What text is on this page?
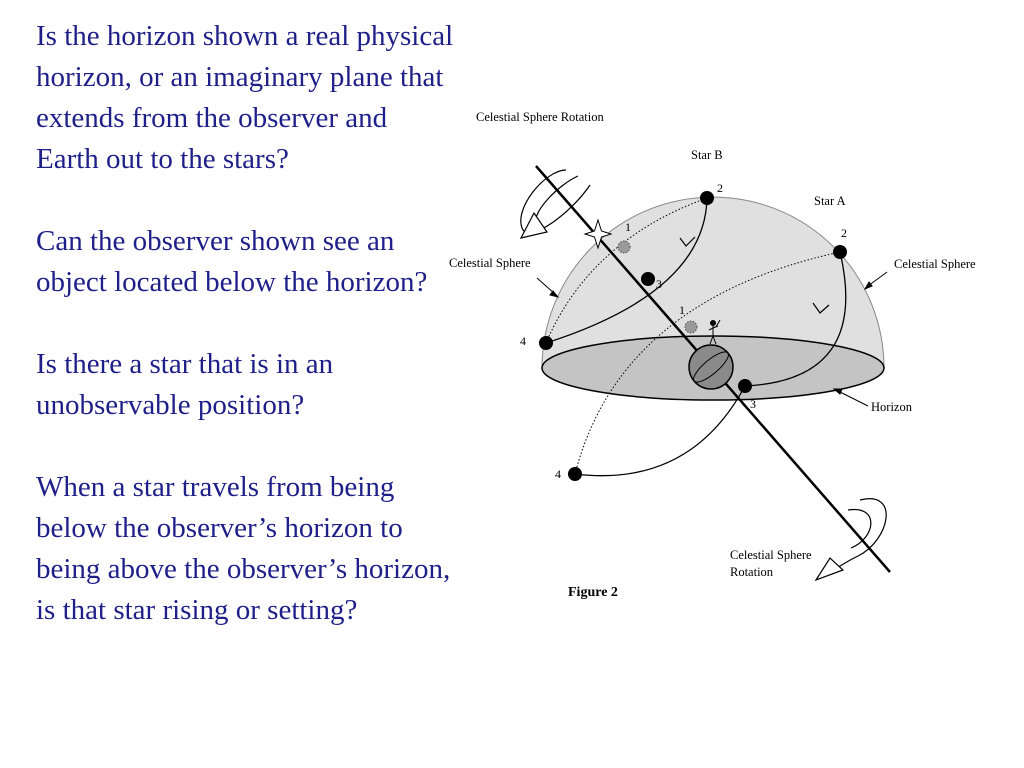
Is the horizon shown a real physical horizon, or an imaginary plane that extends from the observer and Earth out to the stars?

Can the observer shown see an object located below the horizon?

Is there a star that is in an unobservable position?

When a star travels from being below the observer’s horizon to being above the observer’s horizon, is that star rising or setting?

1
2
3
4
1
2
3
4
Celestial Sphere Rotation
Star B
Star A
Celestial Sphere	Celestial Sphere
Horizon
Celestial Sphere
Rotation
Figure 2
